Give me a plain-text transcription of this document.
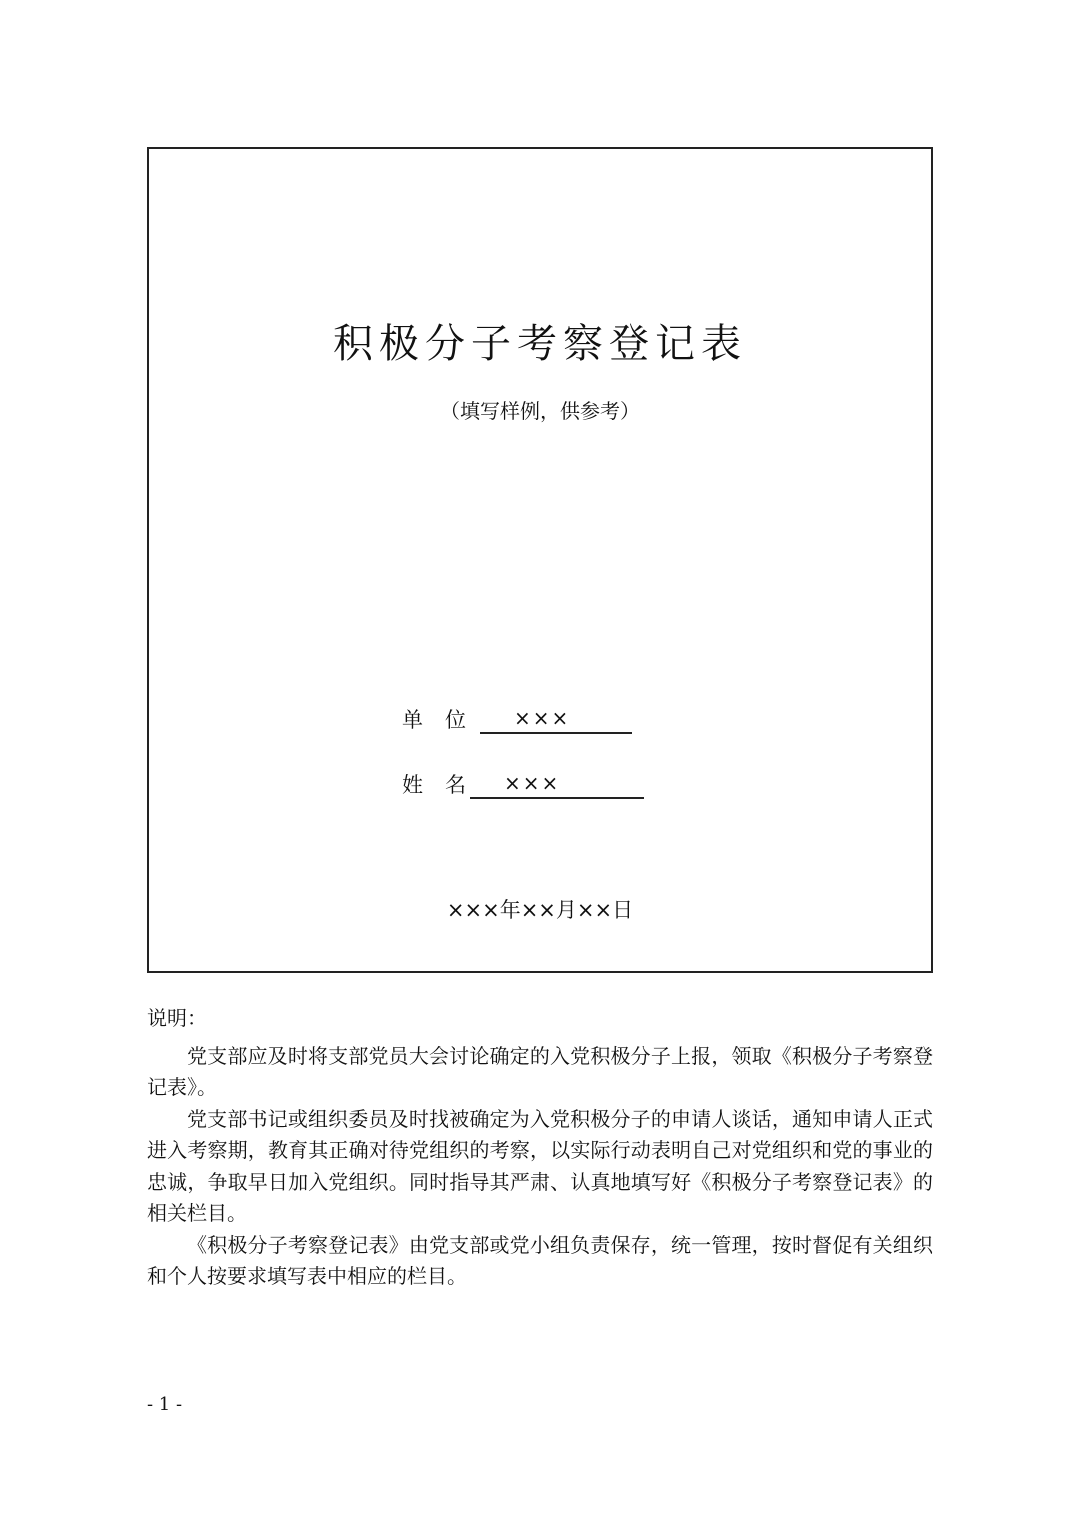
积极分子考察登记表
（填写样例，供参考）
单位	×××
姓名 ×××
×××年××月××日
说明：

党支部应及时将支部党员大会讨论确定的入党积极分子上报，领取《积极分子考察登记表》。

党支部书记或组织委员及时找被确定为入党积极分子的申请人谈话，通知申请人正式进入考察期，教育其正确对待党组织的考察，以实际行动表明自己对党组织和党的事业的忠诚，争取早日加入党组织。同时指导其严肃、认真地填写好《积极分子考察登记表》的相关栏目。

《积极分子考察登记表》由党支部或党小组负责保存，统一管理，按时督促有关组织和个人按要求填写表中相应的栏目。

- 1 -
